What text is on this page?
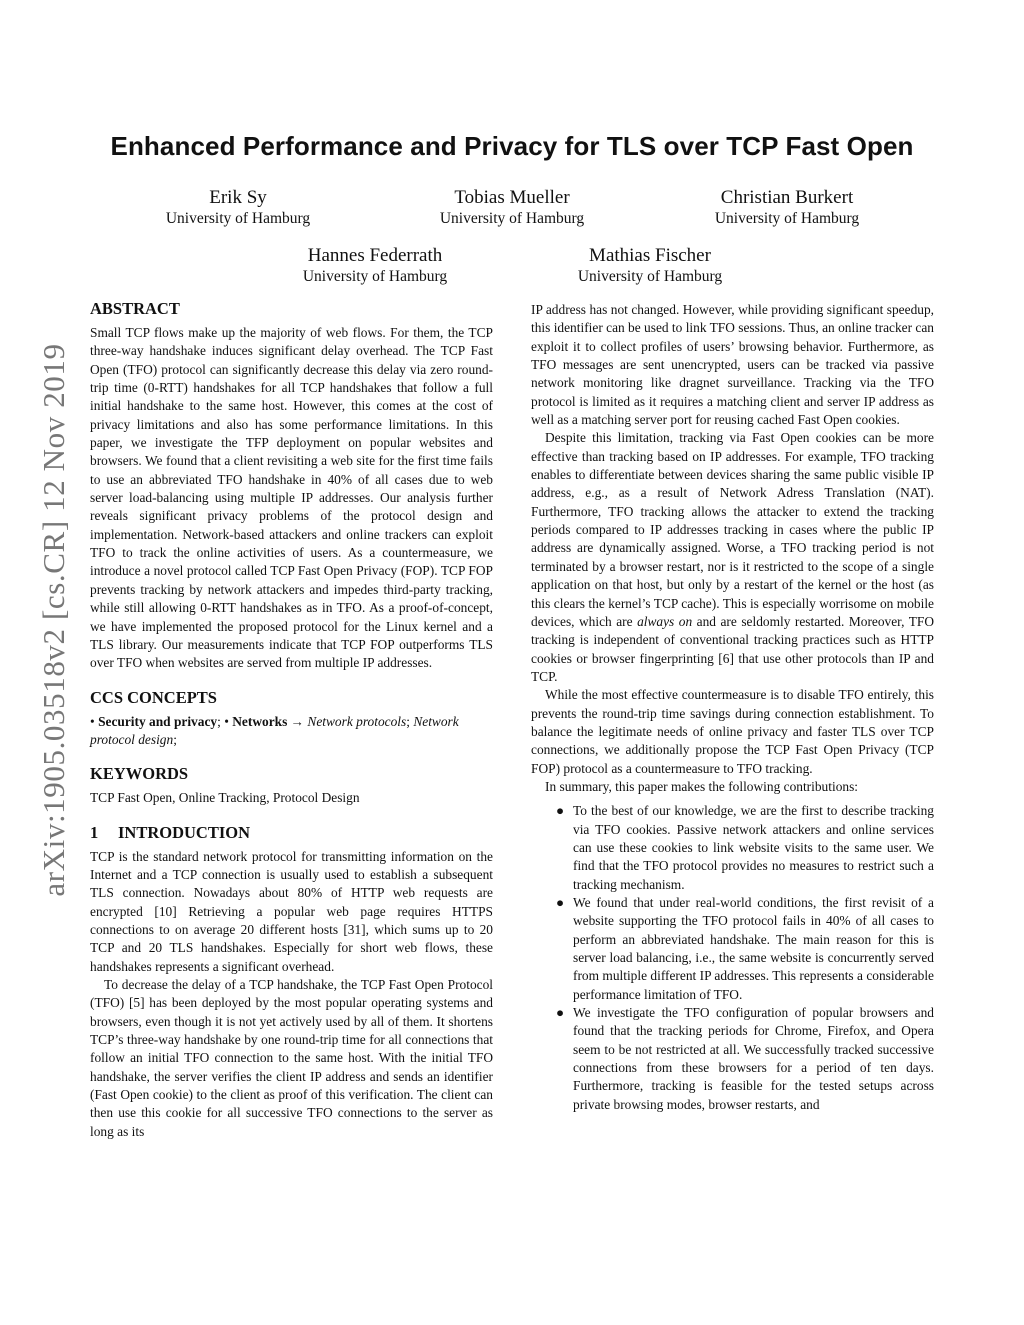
arXiv:1905.03518v2 [cs.CR] 12 Nov 2019
Enhanced Performance and Privacy for TLS over TCP Fast Open
Erik Sy
University of Hamburg
Tobias Mueller
University of Hamburg
Christian Burkert
University of Hamburg
Hannes Federrath
University of Hamburg
Mathias Fischer
University of Hamburg
ABSTRACT

Small TCP flows make up the majority of web flows. For them, the TCP three-way handshake induces significant delay overhead. The TCP Fast Open (TFO) protocol can significantly decrease this delay via zero round-trip time (0-RTT) handshakes for all TCP handshakes that follow a full initial handshake to the same host. However, this comes at the cost of privacy limitations and also has some performance limitations. In this paper, we investigate the TFP deployment on popular websites and browsers. We found that a client revisiting a web site for the first time fails to use an abbreviated TFO handshake in 40% of all cases due to web server load-balancing using multiple IP addresses. Our analysis further reveals significant privacy problems of the protocol design and implementation. Network-based attackers and online trackers can exploit TFO to track the online activities of users. As a countermeasure, we introduce a novel protocol called TCP Fast Open Privacy (FOP). TCP FOP prevents tracking by network attackers and impedes third-party tracking, while still allowing 0-RTT handshakes as in TFO. As a proof-of-concept, we have implemented the proposed protocol for the Linux kernel and a TLS library. Our measurements indicate that TCP FOP outperforms TLS over TFO when websites are served from multiple IP addresses.

CCS CONCEPTS

• Security and privacy; • Networks → Network protocols; Network protocol design;

KEYWORDS

TCP Fast Open, Online Tracking, Protocol Design

1 INTRODUCTION

TCP is the standard network protocol for transmitting information on the Internet and a TCP connection is usually used to establish a subsequent TLS connection. Nowadays about 80% of HTTP web requests are encrypted [10] Retrieving a popular web page requires HTTPS connections to on average 20 different hosts [31], which sums up to 20 TCP and 20 TLS handshakes. Especially for short web flows, these handshakes represents a significant overhead.

To decrease the delay of a TCP handshake, the TCP Fast Open Protocol (TFO) [5] has been deployed by the most popular operating systems and browsers, even though it is not yet actively used by all of them. It shortens TCP’s three-way handshake by one round-trip time for all connections that follow an initial TFO connection to the same host. With the initial TFO handshake, the server verifies the client IP address and sends an identifier (Fast Open cookie) to the client as proof of this verification. The client can then use this cookie for all successive TFO connections to the server as long as its

IP address has not changed. However, while providing significant speedup, this identifier can be used to link TFO sessions. Thus, an online tracker can exploit it to collect profiles of users’ browsing behavior. Furthermore, as TFO messages are sent unencrypted, users can be tracked via passive network monitoring like dragnet surveillance. Tracking via the TFO protocol is limited as it requires a matching client and server IP address as well as a matching server port for reusing cached Fast Open cookies.

Despite this limitation, tracking via Fast Open cookies can be more effective than tracking based on IP addresses. For example, TFO tracking enables to differentiate between devices sharing the same public visible IP address, e.g., as a result of Network Adress Translation (NAT). Furthermore, TFO tracking allows the attacker to extend the tracking periods compared to IP addresses tracking in cases where the public IP address are dynamically assigned. Worse, a TFO tracking period is not terminated by a browser restart, nor is it restricted to the scope of a single application on that host, but only by a restart of the kernel or the host (as this clears the kernel’s TCP cache). This is especially worrisome on mobile devices, which are always on and are seldomly restarted. Moreover, TFO tracking is independent of conventional tracking practices such as HTTP cookies or browser fingerprinting [6] that use other protocols than IP and TCP.

While the most effective countermeasure is to disable TFO entirely, this prevents the round-trip time savings during connection establishment. To balance the legitimate needs of online privacy and faster TLS over TCP connections, we additionally propose the TCP Fast Open Privacy (TCP FOP) protocol as a countermeasure to TFO tracking.

In summary, this paper makes the following contributions:

● To the best of our knowledge, we are the first to describe tracking via TFO cookies. Passive network attackers and online services can use these cookies to link website visits to the same user. We find that the TFO protocol provides no measures to restrict such a tracking mechanism.
● We found that under real-world conditions, the first revisit of a website supporting the TFO protocol fails in 40% of all cases to perform an abbreviated handshake. The main reason for this is server load balancing, i.e., the same website is concurrently served from multiple different IP addresses. This represents a considerable performance limitation of TFO.
● We investigate the TFO configuration of popular browsers and found that the tracking periods for Chrome, Firefox, and Opera seem to be not restricted at all. We successfully tracked successive connections from these browsers for a period of ten days. Furthermore, tracking is feasible for the tested setups across private browsing modes, browser restarts, and
